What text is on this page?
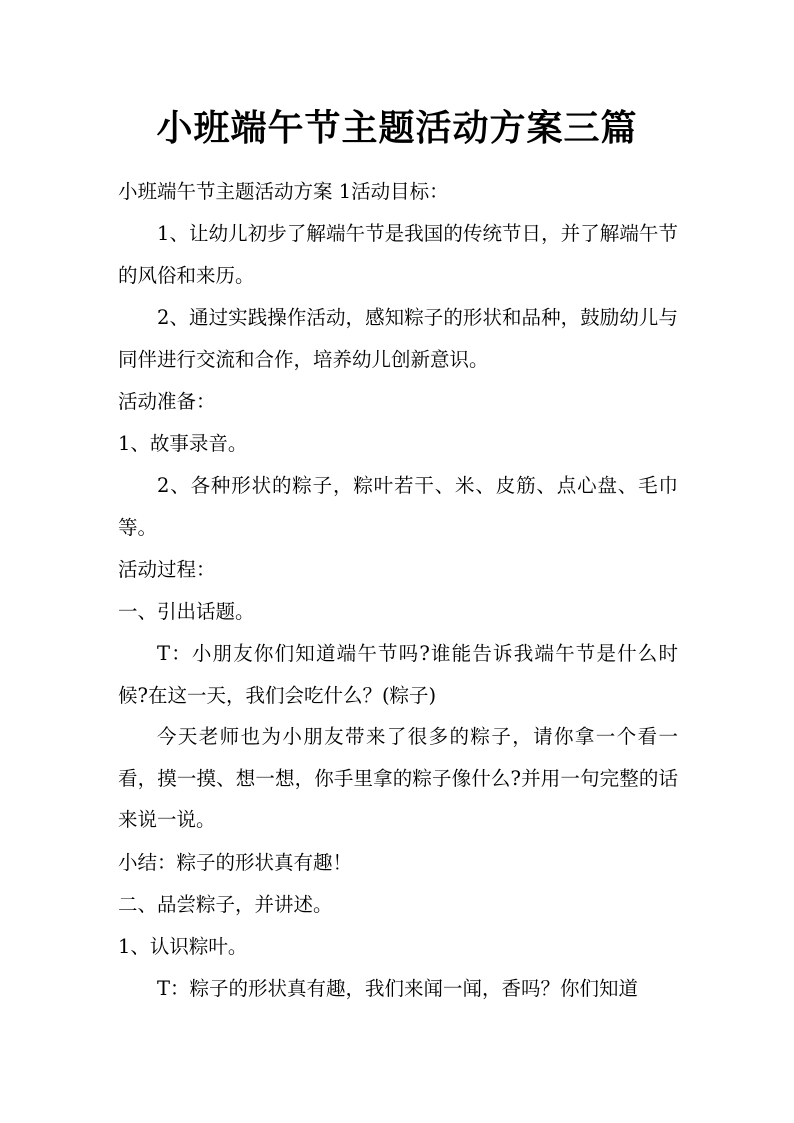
小班端午节主题活动方案三篇
小班端午节主题活动方案 1活动目标：

1、让幼儿初步了解端午节是我国的传统节日，并了解端午节的风俗和来历。

2、通过实践操作活动，感知粽子的形状和品种，鼓励幼儿与同伴进行交流和合作，培养幼儿创新意识。

活动准备：
1、故事录音。

2、各种形状的粽子，粽叶若干、米、皮筋、点心盘、毛巾等。

活动过程：
一、引出话题。

T：小朋友你们知道端午节吗?谁能告诉我端午节是什么时候?在这一天，我们会吃什么？(粽子)

今天老师也为小朋友带来了很多的粽子，请你拿一个看一看，摸一摸、想一想，你手里拿的粽子像什么?并用一句完整的话来说一说。

小结：粽子的形状真有趣！
二、品尝粽子，并讲述。
1、认识粽叶。
T：粽子的形状真有趣，我们来闻一闻，香吗？你们知道
